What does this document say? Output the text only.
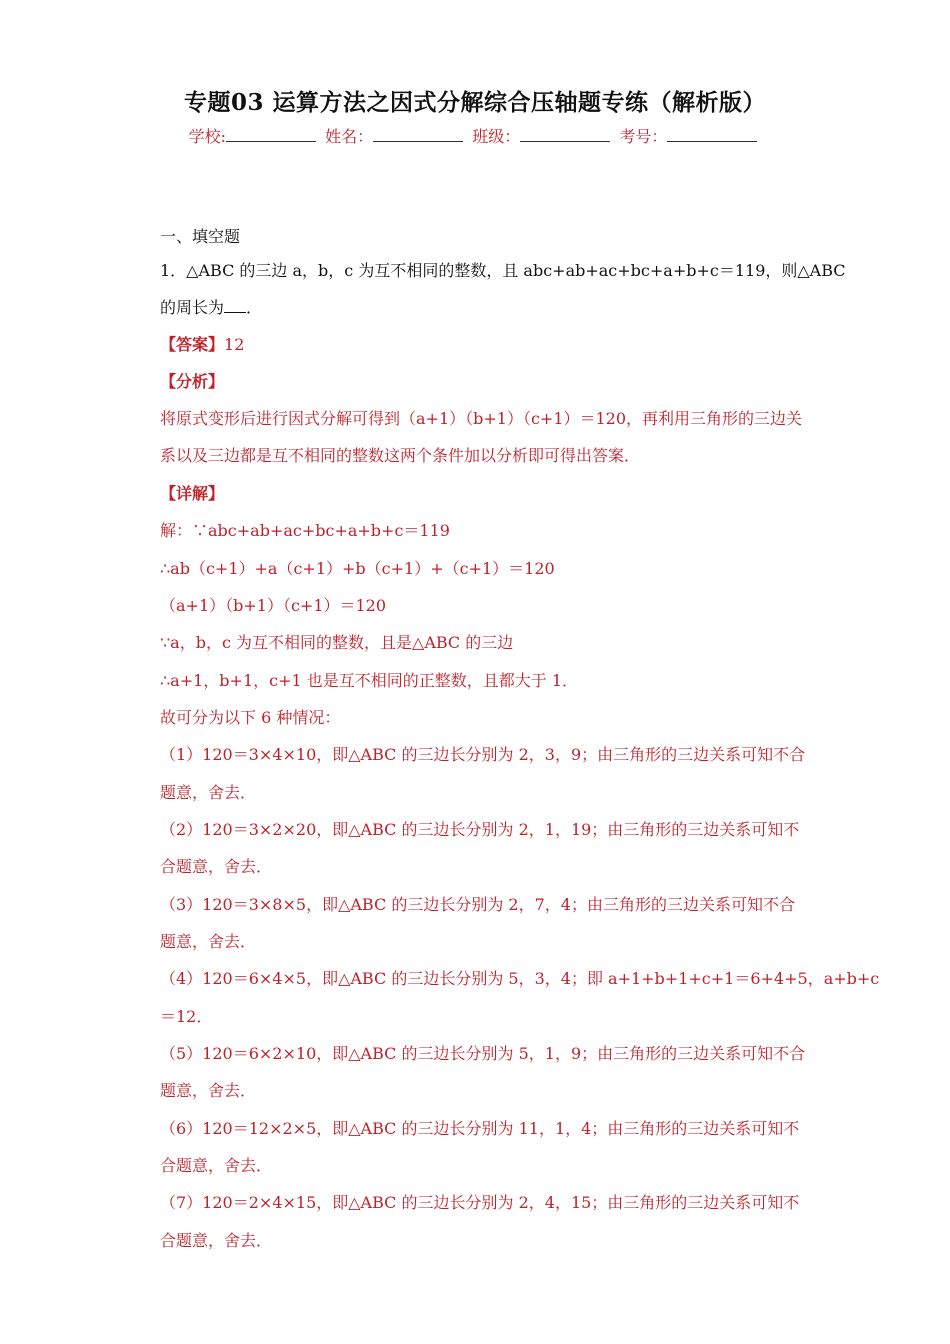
专题03 运算方法之因式分解综合压轴题专练（解析版）
学校:	姓名：	班级：	考号：
一、填空题
1．△ABC 的三边 a，b，c 为互不相同的整数，且 abc+ab+ac+bc+a+b+c＝119，则△ABC
的周长为 ．
【答案】12
【分析】
将原式变形后进行因式分解可得到（a+1）（b+1）（c+1）＝120，再利用三角形的三边关
系以及三边都是互不相同的整数这两个条件加以分析即可得出答案．
【详解】
解：∵abc+ab+ac+bc+a+b+c＝119
∴ab（c+1）+a（c+1）+b（c+1）+（c+1）＝120
（a+1）（b+1）（c+1）＝120
∵a，b，c 为互不相同的整数，且是△ABC 的三边
∴a+1，b+1，c+1 也是互不相同的正整数，且都大于 1．
故可分为以下 6 种情况：
（1）120＝3×4×10，即△ABC 的三边长分别为 2，3，9；由三角形的三边关系可知不合
题意，舍去．
（2）120＝3×2×20，即△ABC 的三边长分别为 2，1，19；由三角形的三边关系可知不
合题意，舍去．
（3）120＝3×8×5，即△ABC 的三边长分别为 2，7，4；由三角形的三边关系可知不合
题意，舍去．
（4）120＝6×4×5，即△ABC 的三边长分别为 5，3，4；即 a+1+b+1+c+1＝6+4+5，a+b+c
＝12．
（5）120＝6×2×10，即△ABC 的三边长分别为 5，1，9；由三角形的三边关系可知不合
题意，舍去．
（6）120＝12×2×5，即△ABC 的三边长分别为 11，1，4；由三角形的三边关系可知不
合题意，舍去．
（7）120＝2×4×15，即△ABC 的三边长分别为 2，4，15；由三角形的三边关系可知不
合题意，舍去．
